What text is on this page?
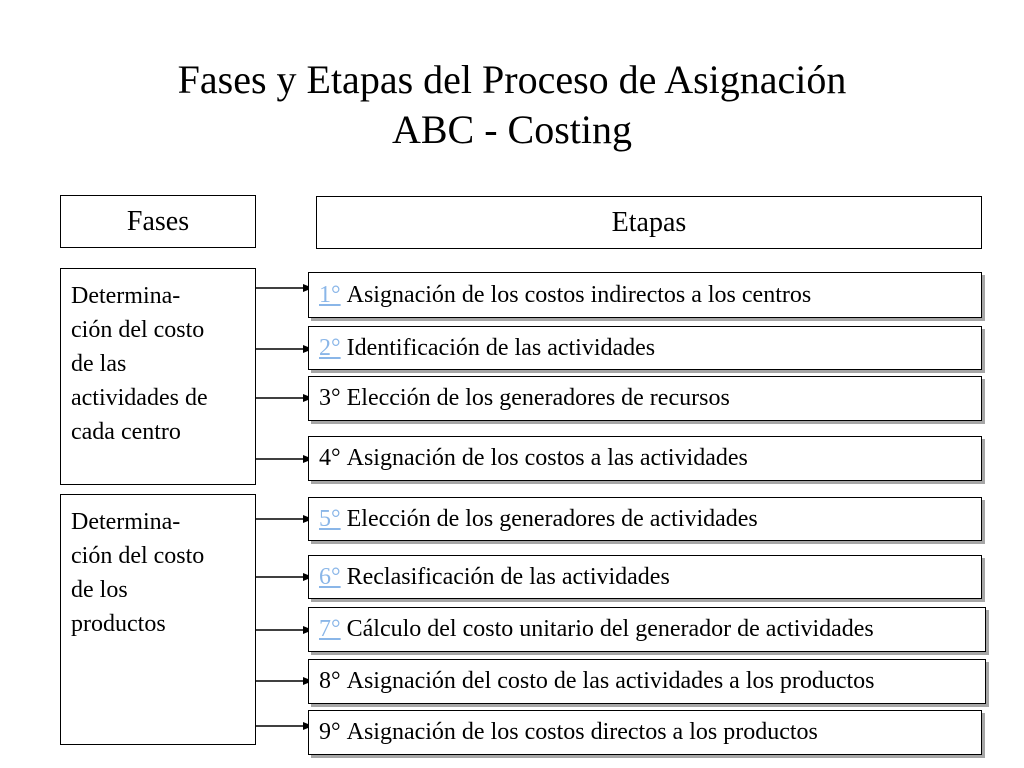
Fases y Etapas del Proceso de Asignación
ABC - Costing
Fases	Etapas
Determina-
ción del costo
de las
actividades de
cada centro
Determina-
ción del costo
de los
productos
1° Asignación de los costos indirectos a los centros
2° Identificación de las actividades
3° Elección de los generadores de recursos
4° Asignación de los costos a las actividades
5° Elección de los generadores de actividades
6° Reclasificación de las actividades
7° Cálculo del costo unitario del generador de actividades
8° Asignación del costo de las actividades a los productos
9° Asignación de los costos directos a los productos
